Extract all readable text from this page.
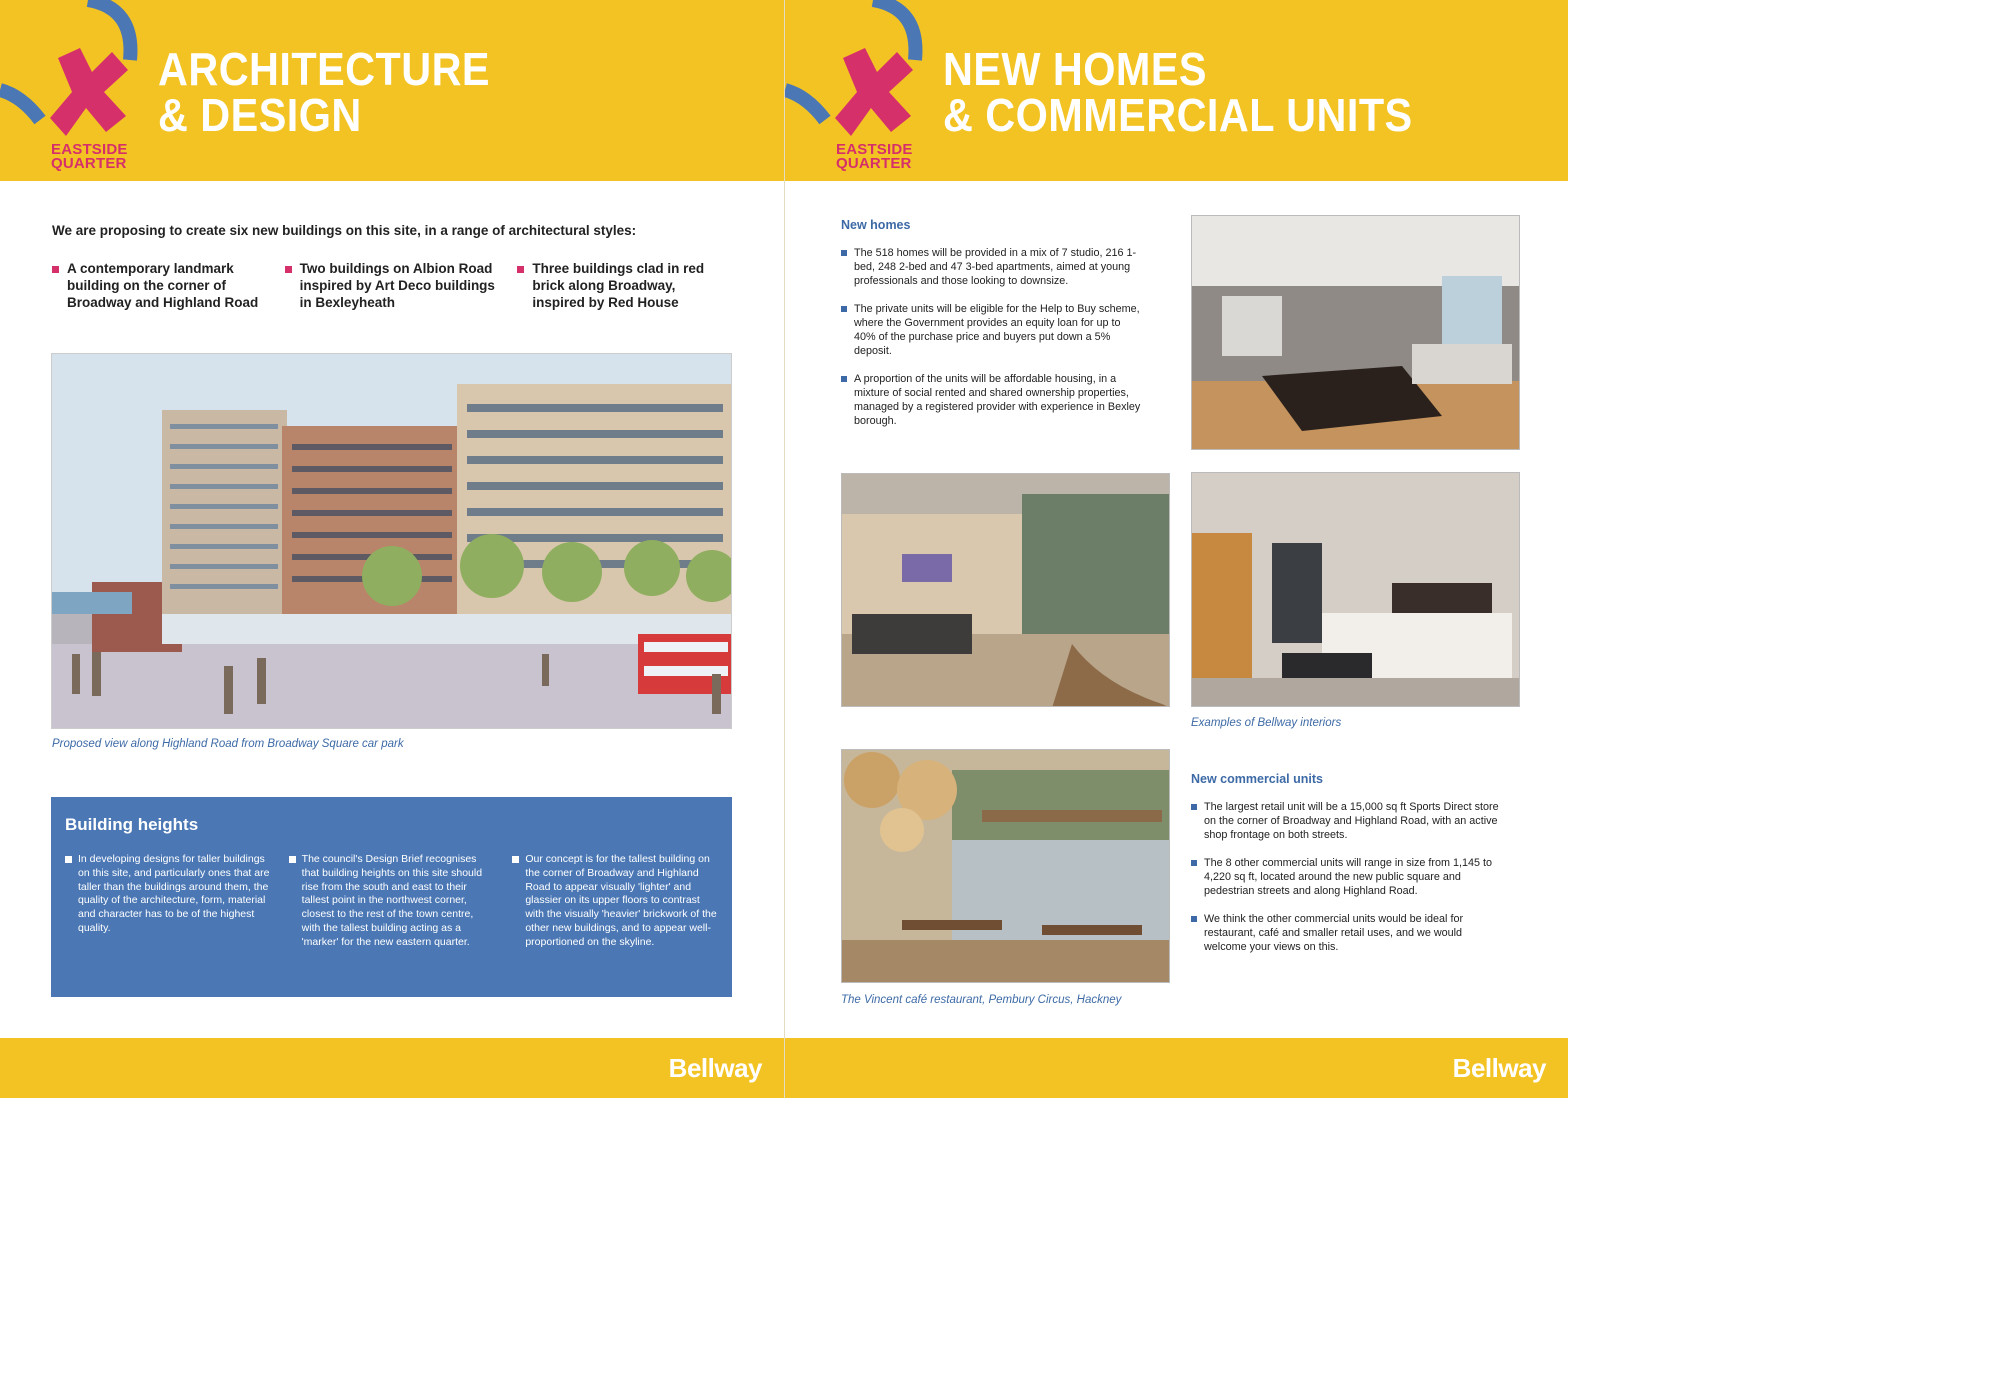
EASTSIDE
QUARTER
ARCHITECTURE
& DESIGN
We are proposing to create six new buildings on this site, in a range of architectural styles:
A contemporary landmark
building on the corner of
Broadway and Highland Road
Two buildings on Albion Road
inspired by Art Deco buildings
in Bexleyheath
Three buildings clad in red
brick along Broadway,
inspired by Red House
Proposed view along Highland Road from Broadway Square car park
Building heights
In developing designs for taller buildings on this site, and particularly ones that are taller than the buildings around them, the quality of the architecture, form, material and character has to be of the highest quality.
The council's Design Brief recognises that building heights on this site should rise from the south and east to their tallest point in the northwest corner, closest to the rest of the town centre, with the tallest building acting as a 'marker' for the new eastern quarter.
Our concept is for the tallest building on the corner of Broadway and Highland Road to appear visually 'lighter' and glassier on its upper floors to contrast with the visually 'heavier' brickwork of the other new buildings, and to appear well-proportioned on the skyline.
Bellway
EASTSIDE
QUARTER
NEW HOMES
& COMMERCIAL UNITS
New homes
The 518 homes will be provided in a mix of 7 studio, 216 1-bed, 248 2-bed and 47 3-bed apartments, aimed at young professionals and those looking to downsize.
The private units will be eligible for the Help to Buy scheme, where the Government provides an equity loan for up to 40% of the purchase price and buyers put down a 5% deposit.
A proportion of the units will be affordable housing, in a mixture of social rented and shared ownership properties, managed by a registered provider with experience in Bexley borough.
Examples of Bellway interiors
The Vincent café restaurant, Pembury Circus, Hackney
New commercial units
The largest retail unit will be a 15,000 sq ft Sports Direct store on the corner of Broadway and Highland Road, with an active shop frontage on both streets.
The 8 other commercial units will range in size from 1,145 to 4,220 sq ft, located around the new public square and pedestrian streets and along Highland Road.
We think the other commercial units would be ideal for restaurant, café and smaller retail uses, and we would welcome your views on this.
Bellway
